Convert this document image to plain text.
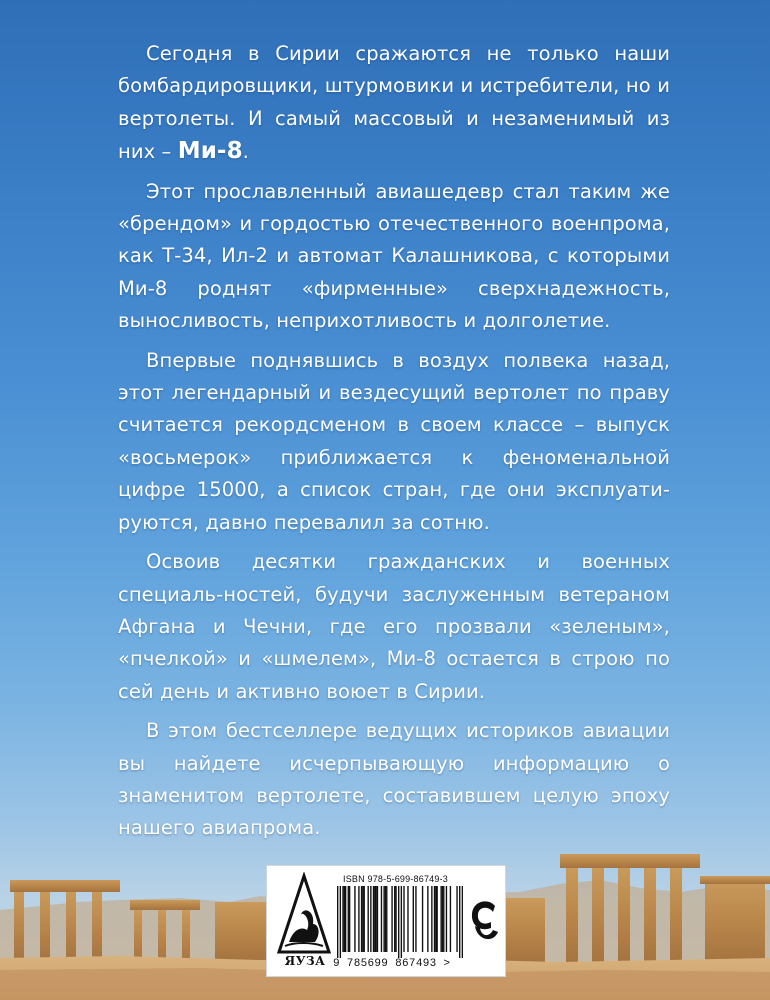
Сегодня в Сирии сражаются не только наши бомбардировщики, штурмовики и истребители, но и вертолеты. И самый массовый и незаменимый из них – Ми-8.

Этот прославленный авиашедевр стал таким же «брендом» и гордостью отечественного военпрома, как Т-34, Ил-2 и автомат Калашникова, с которыми Ми-8 роднят «фирменные» сверхнадежность, выносливость, неприхотливость и долголетие.

Впервые поднявшись в воздух полвека назад, этот легендарный и вездесущий вертолет по праву считается рекордсменом в своем классе – выпуск «восьмерок» приближается к феноменальной цифре 15000, а список стран, где они эксплуати-руются, давно перевалил за сотню.

Освоив десятки гражданских и военных специаль-ностей, будучи заслуженным ветераном Афгана и Чечни, где его прозвали «зеленым», «пчелкой» и «шмелем», Ми-8 остается в строю по сей день и активно воюет в Сирии.

В этом бестселлере ведущих историков авиации вы найдете исчерпывающую информацию о знаменитом вертолете, составившем целую эпоху нашего авиапрома.

ЯУЗА
ISBN 978-5-699-86749-3
9 785699 867493 >
